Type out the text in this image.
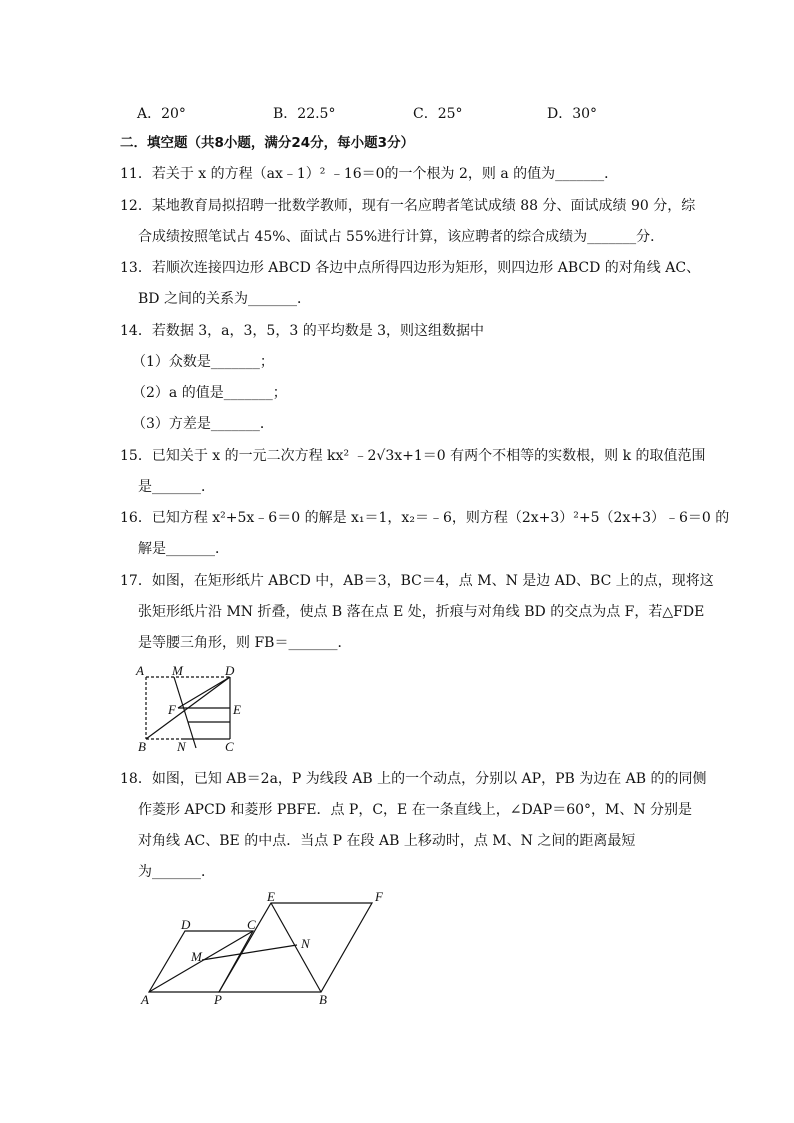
A．20°	B．22.5°	C．25°	D．30°
二．填空题（共8小题，满分24分，每小题3分）
11．若关于 x 的方程（ax﹣1）² ﹣16＝0的一个根为 2，则 a 的值为_______．
12．某地教育局拟招聘一批数学教师，现有一名应聘者笔试成绩 88 分、面试成绩 90 分，综
合成绩按照笔试占 45%、面试占 55%进行计算，该应聘者的综合成绩为_______分．
13．若顺次连接四边形 ABCD 各边中点所得四边形为矩形，则四边形 ABCD 的对角线 AC、
BD 之间的关系为_______．
14．若数据 3，a，3，5，3 的平均数是 3，则这组数据中
（1）众数是_______；
（2）a 的值是_______；
（3）方差是_______．
15．已知关于 x 的一元二次方程 kx² ﹣2√3x+1＝0 有两个不相等的实数根，则 k 的取值范围
是_______．
16．已知方程 x²+5x﹣6＝0 的解是 x₁＝1，x₂＝﹣6，则方程（2x+3）²+5（2x+3）﹣6＝0 的
解是_______．
17．如图，在矩形纸片 ABCD 中，AB＝3，BC＝4，点 M、N 是边 AD、BC 上的点，现将这
张矩形纸片沿 MN 折叠，使点 B 落在点 E 处，折痕与对角线 BD 的交点为点 F，若△FDE
是等腰三角形，则 FB＝_______．
A M	D
F	E
B N	C
18．如图，已知 AB＝2a，P 为线段 AB 上的一个动点，分别以 AP，PB 为边在 AB 的的同侧
作菱形 APCD 和菱形 PBFE．点 P，C，E 在一条直线上，∠DAP＝60°，M、N 分别是
对角线 AC、BE 的中点．当点 P 在段 AB 上移动时，点 M、N 之间的距离最短
为_______．
E	F
D	C
N
M
A	P	B
